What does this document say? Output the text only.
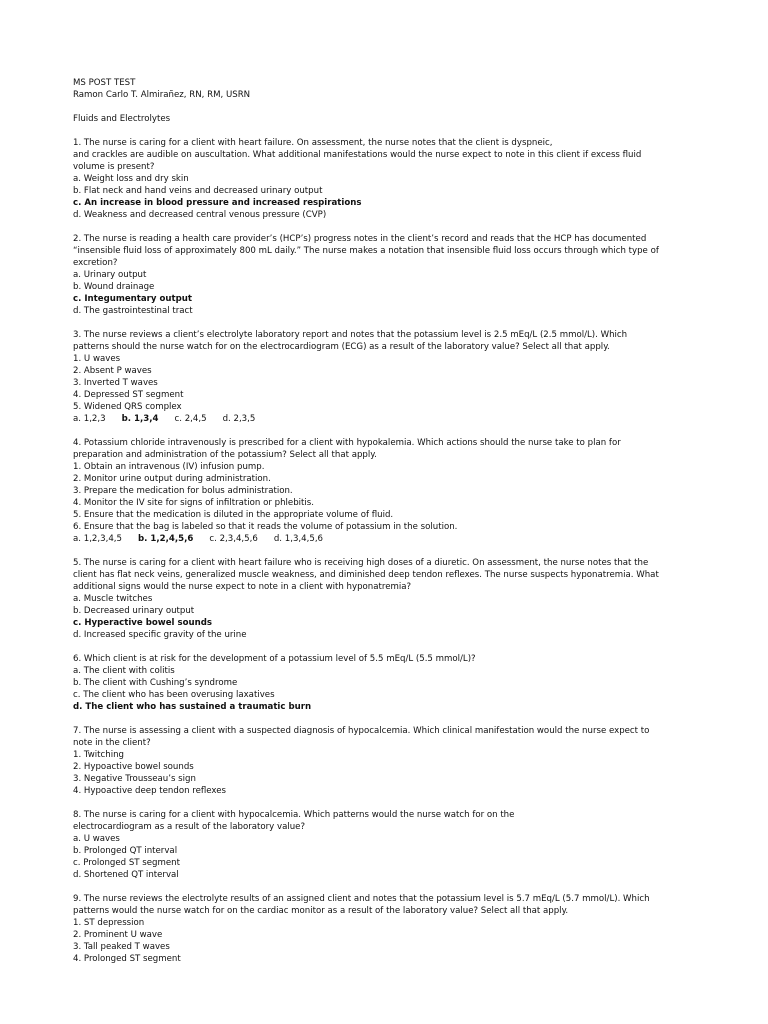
MS POST TEST
Ramon Carlo T. Almirañez, RN, RM, USRN
Fluids and Electrolytes
1. The nurse is caring for a client with heart failure. On assessment, the nurse notes that the client is dyspneic,
and crackles are audible on auscultation. What additional manifestations would the nurse expect to note in this client if excess fluid
volume is present?
a. Weight loss and dry skin
b. Flat neck and hand veins and decreased urinary output
c. An increase in blood pressure and increased respirations
d. Weakness and decreased central venous pressure (CVP)
2. The nurse is reading a health care provider’s (HCP’s) progress notes in the client’s record and reads that the HCP has documented
“insensible fluid loss of approximately 800 mL daily.” The nurse makes a notation that insensible fluid loss occurs through which type of
excretion?
a. Urinary output
b. Wound drainage
c. Integumentary output
d. The gastrointestinal tract
3. The nurse reviews a client’s electrolyte laboratory report and notes that the potassium level is 2.5 mEq/L (2.5 mmol/L). Which
patterns should the nurse watch for on the electrocardiogram (ECG) as a result of the laboratory value? Select all that apply.
1. U waves
2. Absent P waves
3. Inverted T waves
4. Depressed ST segment
5. Widened QRS complex
a. 1,2,3 b. 1,3,4 c. 2,4,5 d. 2,3,5
4. Potassium chloride intravenously is prescribed for a client with hypokalemia. Which actions should the nurse take to plan for
preparation and administration of the potassium? Select all that apply.
1. Obtain an intravenous (IV) infusion pump.
2. Monitor urine output during administration.
3. Prepare the medication for bolus administration.
4. Monitor the IV site for signs of infiltration or phlebitis.
5. Ensure that the medication is diluted in the appropriate volume of fluid.
6. Ensure that the bag is labeled so that it reads the volume of potassium in the solution.
a. 1,2,3,4,5 b. 1,2,4,5,6 c. 2,3,4,5,6 d. 1,3,4,5,6
5. The nurse is caring for a client with heart failure who is receiving high doses of a diuretic. On assessment, the nurse notes that the
client has flat neck veins, generalized muscle weakness, and diminished deep tendon reflexes. The nurse suspects hyponatremia. What
additional signs would the nurse expect to note in a client with hyponatremia?
a. Muscle twitches
b. Decreased urinary output
c. Hyperactive bowel sounds
d. Increased specific gravity of the urine
6. Which client is at risk for the development of a potassium level of 5.5 mEq/L (5.5 mmol/L)?
a. The client with colitis
b. The client with Cushing’s syndrome
c. The client who has been overusing laxatives
d. The client who has sustained a traumatic burn
7. The nurse is assessing a client with a suspected diagnosis of hypocalcemia. Which clinical manifestation would the nurse expect to
note in the client?
1. Twitching
2. Hypoactive bowel sounds
3. Negative Trousseau’s sign
4. Hypoactive deep tendon reflexes
8. The nurse is caring for a client with hypocalcemia. Which patterns would the nurse watch for on the
electrocardiogram as a result of the laboratory value?
a. U waves
b. Prolonged QT interval
c. Prolonged ST segment
d. Shortened QT interval
9. The nurse reviews the electrolyte results of an assigned client and notes that the potassium level is 5.7 mEq/L (5.7 mmol/L). Which
patterns would the nurse watch for on the cardiac monitor as a result of the laboratory value? Select all that apply.
1. ST depression
2. Prominent U wave
3. Tall peaked T waves
4. Prolonged ST segment
